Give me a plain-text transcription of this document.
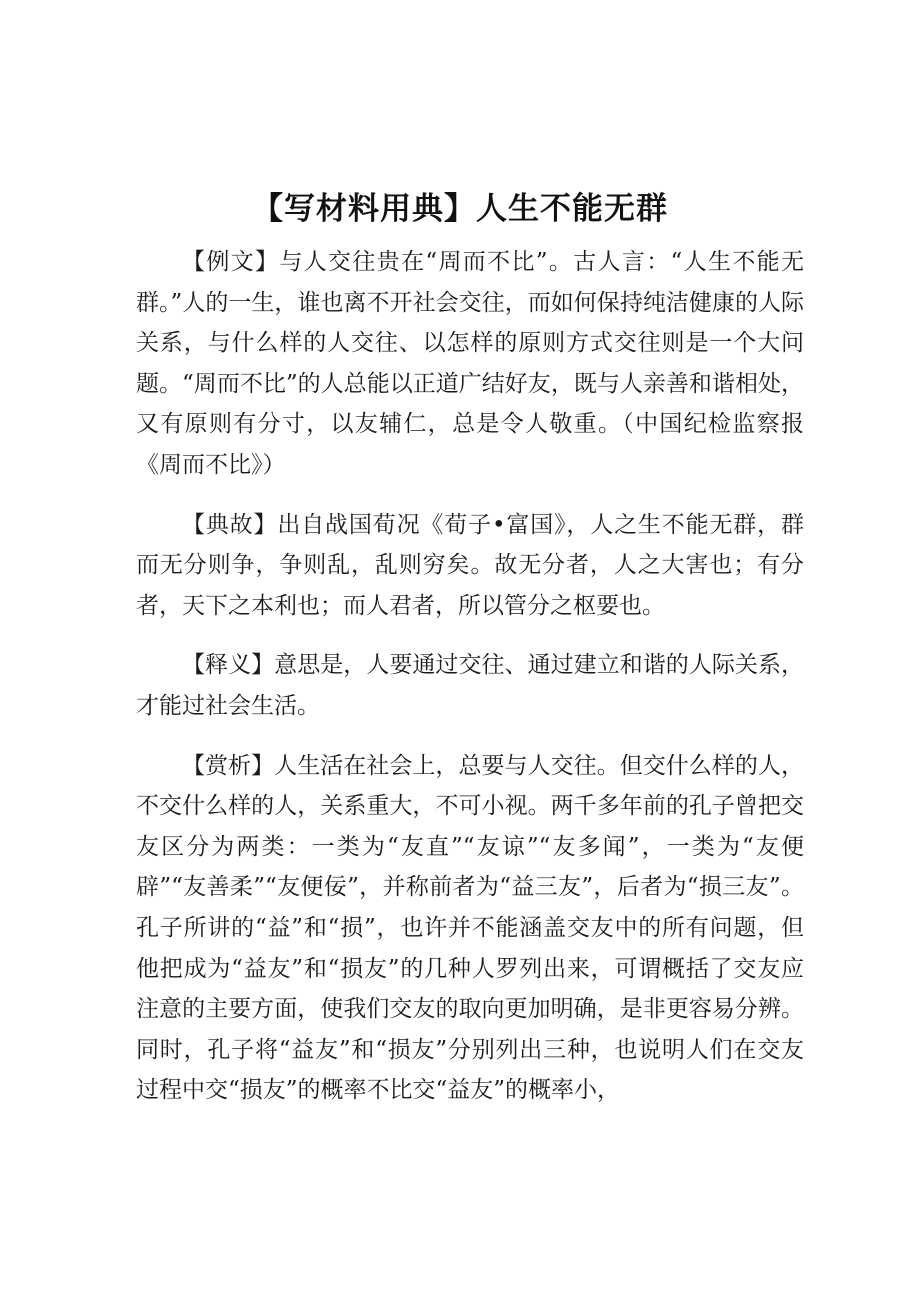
【写材料用典】人生不能无群

【例文】与人交往贵在“周而不比”。古人言：“人生不能无群。”人的一生，谁也离不开社会交往，而如何保持纯洁健康的人际关系，与什么样的人交往、以怎样的原则方式交往则是一个大问题。“周而不比”的人总能以正道广结好友，既与人亲善和谐相处，又有原则有分寸，以友辅仁，总是令人敬重。（中国纪检监察报《周而不比》）

【典故】出自战国荀况《荀子•富国》，人之生不能无群，群而无分则争，争则乱，乱则穷矣。故无分者，人之大害也；有分者，天下之本利也；而人君者，所以管分之枢要也。

【释义】意思是，人要通过交往、通过建立和谐的人际关系，才能过社会生活。

【赏析】人生活在社会上，总要与人交往。但交什么样的人，不交什么样的人，关系重大，不可小视。两千多年前的孔子曾把交友区分为两类：一类为“友直”“友谅”“友多闻”，一类为“友便辟”“友善柔”“友便佞”，并称前者为“益三友”，后者为“损三友”。孔子所讲的“益”和“损”，也许并不能涵盖交友中的所有问题，但他把成为“益友”和“损友”的几种人罗列出来，可谓概括了交友应注意的主要方面，使我们交友的取向更加明确，是非更容易分辨。同时，孔子将“益友”和“损友”分别列出三种，也说明人们在交友过程中交“损友”的概率不比交“益友”的概率小，
